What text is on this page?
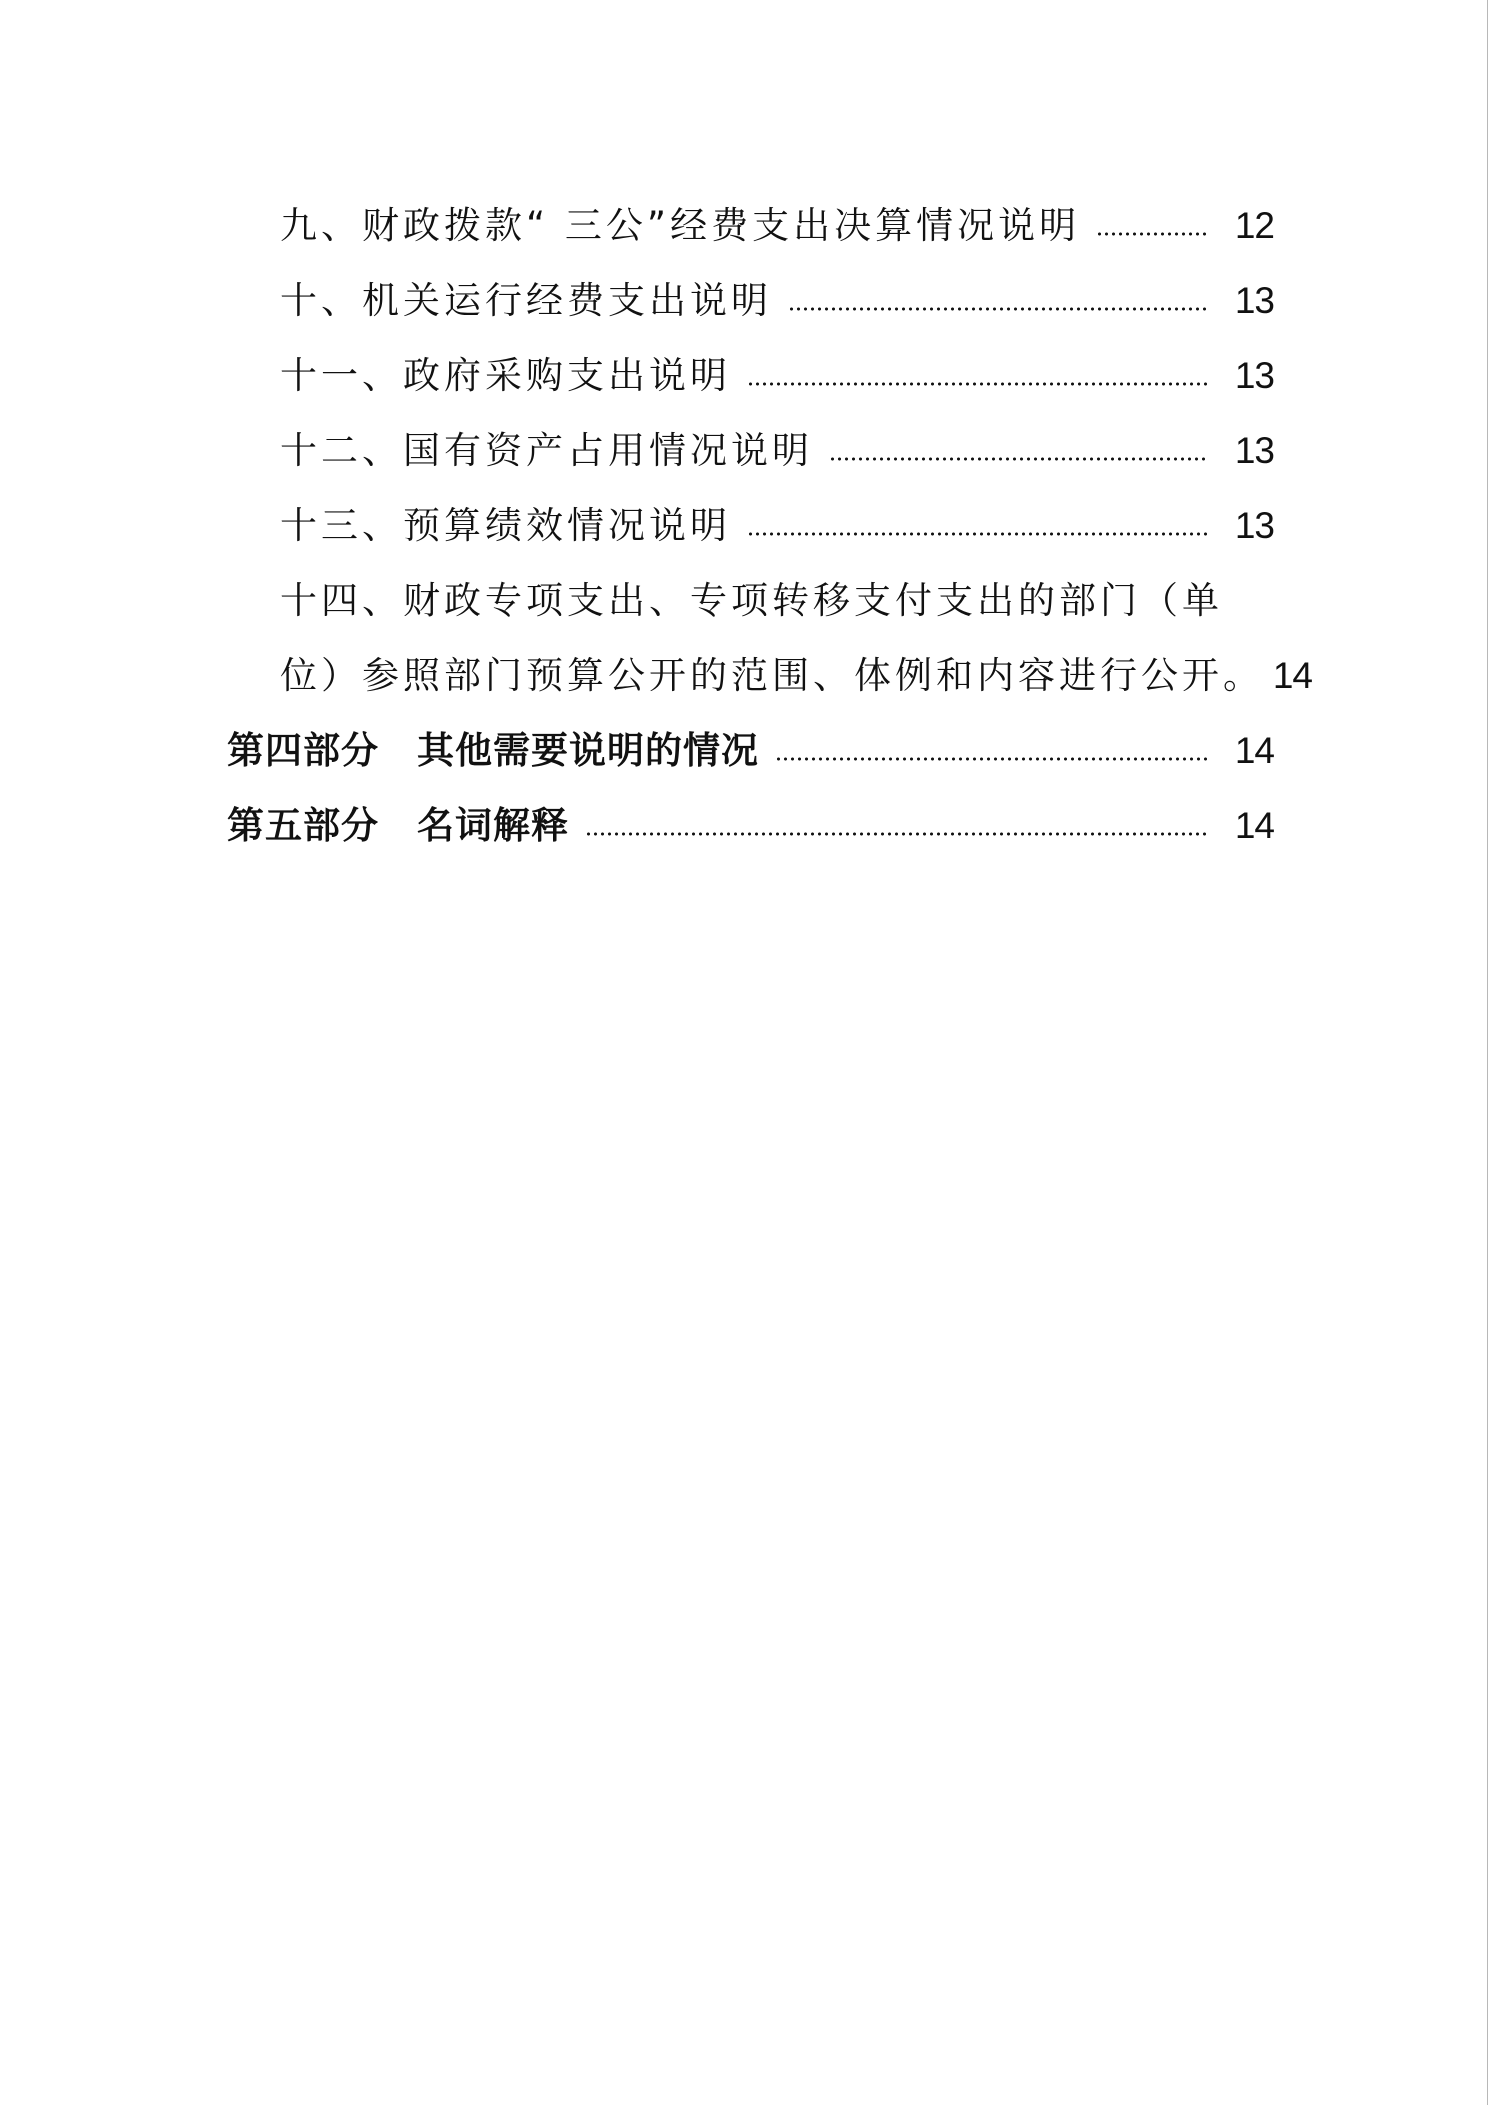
九、财政拨款“ 三公”经费支出决算情况说明	12
十、机关运行经费支出说明	13
十一、政府采购支出说明	13
十二、国有资产占用情况说明	13
十三、预算绩效情况说明	13
十四、财政专项支出、专项转移支付支出的部门（单
位）参照部门预算公开的范围、体例和内容进行公开。 14
第四部分　其他需要说明的情况	14
第五部分　名词解释	14
